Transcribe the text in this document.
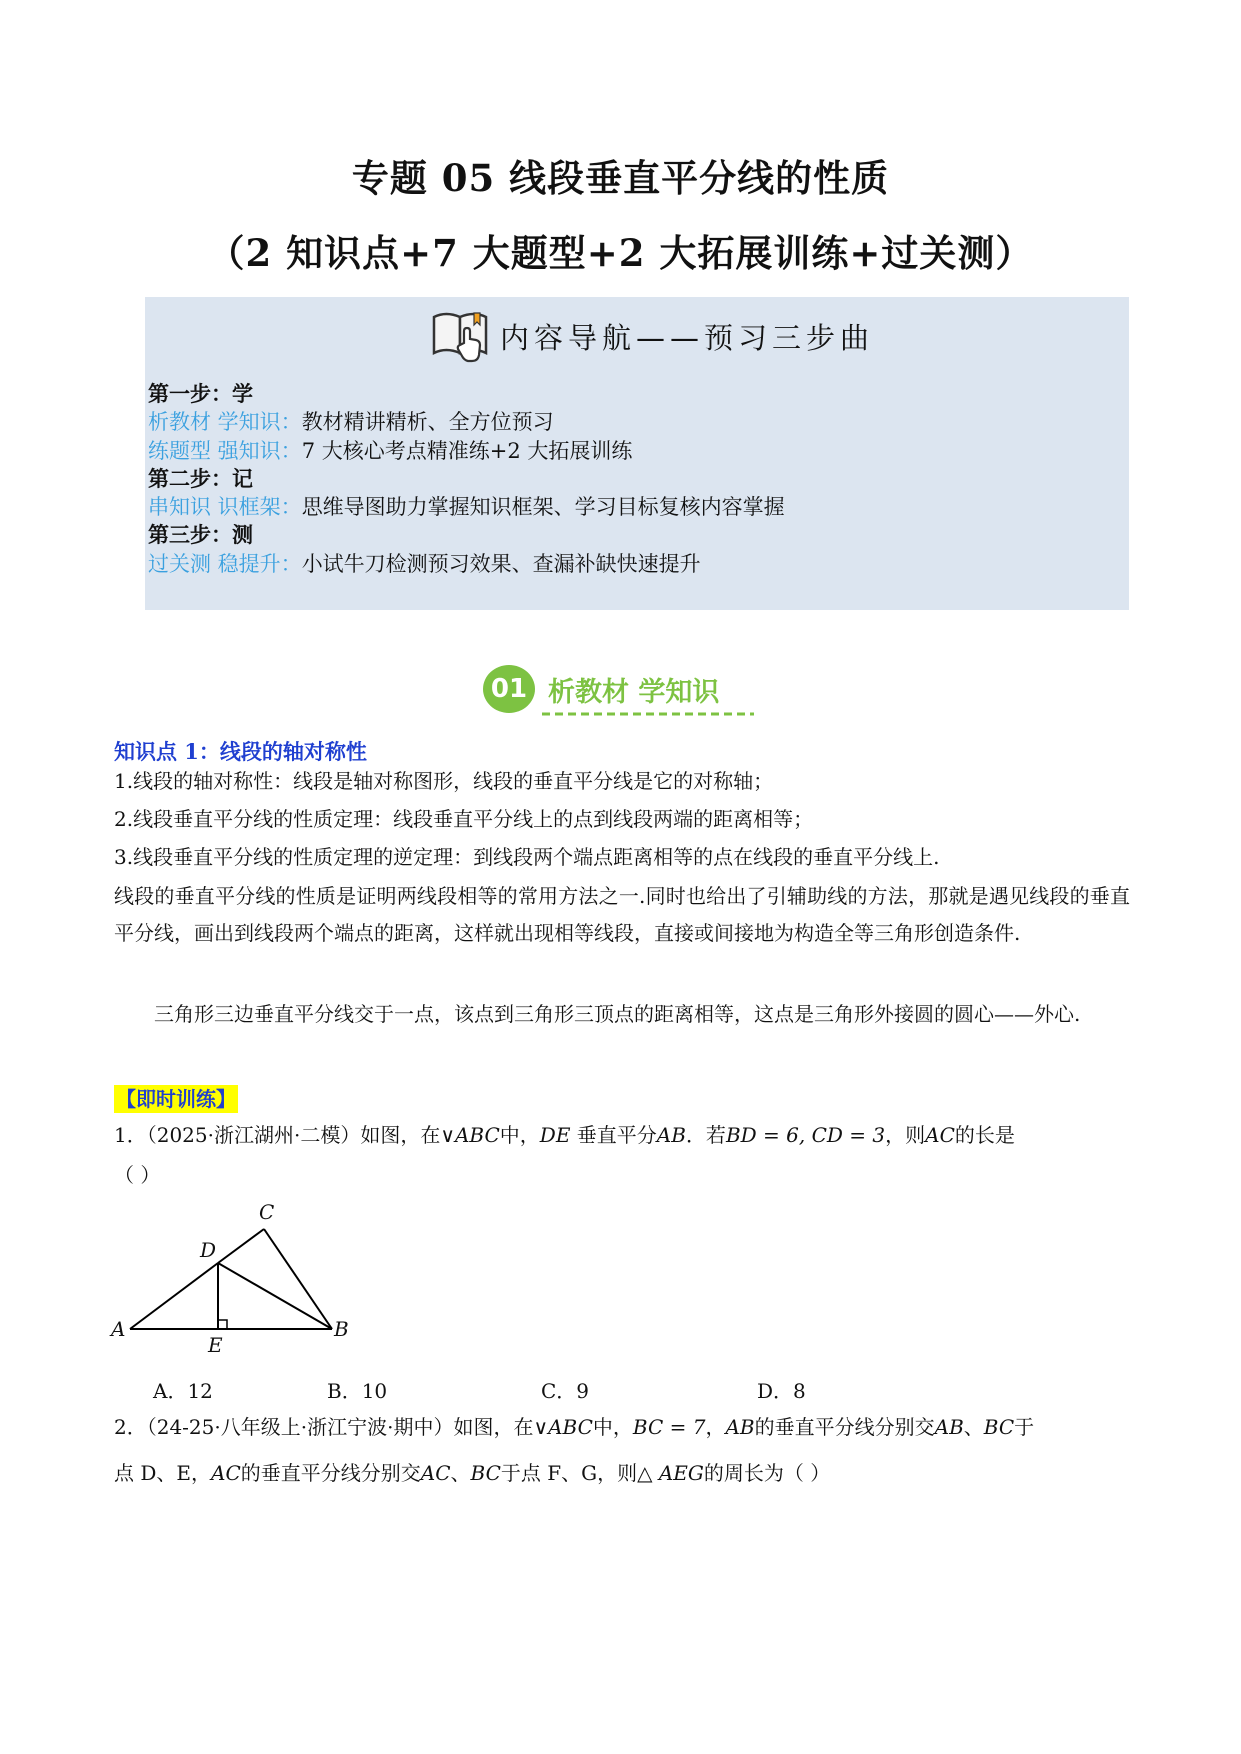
专题 05 线段垂直平分线的性质
（2 知识点+7 大题型+2 大拓展训练+过关测）
内容导航——预习三步曲
第一步：学
析教材 学知识：教材精讲精析、全方位预习
练题型 强知识：7 大核心考点精准练+2 大拓展训练
第二步：记
串知识 识框架：思维导图助力掌握知识框架、学习目标复核内容掌握
第三步：测
过关测 稳提升：小试牛刀检测预习效果、查漏补缺快速提升
01 析教材 学知识
知识点 1：线段的轴对称性
1.线段的轴对称性：线段是轴对称图形，线段的垂直平分线是它的对称轴；
2.线段垂直平分线的性质定理：线段垂直平分线上的点到线段两端的距离相等；
3.线段垂直平分线的性质定理的逆定理：到线段两个端点距离相等的点在线段的垂直平分线上.
线段的垂直平分线的性质是证明两线段相等的常用方法之一.同时也给出了引辅助线的方法，那就是遇见线段的垂直平分线，画出到线段两个端点的距离，这样就出现相等线段，直接或间接地为构造全等三角形创造条件.
三角形三边垂直平分线交于一点，该点到三角形三顶点的距离相等，这点是三角形外接圆的圆心——外心.
【即时训练】
1．（2025·浙江湖州·二模）如图，在∨ABC中，DE 垂直平分AB．若BD = 6, CD = 3，则AC的长是
（ ）
A	B
C
D
E
A．12	B．10	C．9	D．8
2．（24-25·八年级上·浙江宁波·期中）如图，在∨ABC中，BC = 7，AB的垂直平分线分别交AB、BC于
点 D、E，AC的垂直平分线分别交AC、BC于点 F、G，则△ AEG的周长为（ ）
